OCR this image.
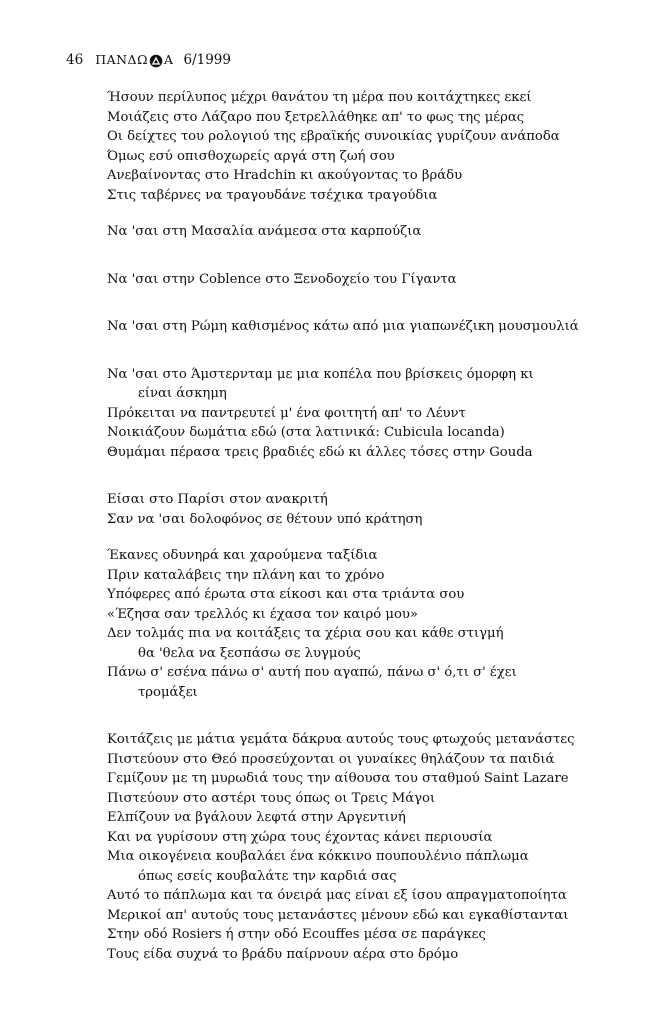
46 ΠΑΝΔΩ Α 6/1999
Ήσουν περίλυπος μέχρι θανάτου τη μέρα που κοιτάχτηκες εκεί
Μοιάζεις στο Λάζαρο που ξετρελλάθηκε απ' το φως της μέρας
Οι δείχτες του ρολογιού της εβραϊκής συνοικίας γυρίζουν ανάποδα
Όμως εσύ οπισθοχωρείς αργά στη ζωή σου
Ανεβαίνοντας στο Hradchin κι ακούγοντας το βράδυ
Στις ταβέρνες να τραγουδάνε τσέχικα τραγούδια
Να 'σαι στη Μασαλία ανάμεσα στα καρπούζια
Να 'σαι στην Coblence στο Ξενοδοχείο του Γίγαντα
Να 'σαι στη Ρώμη καθισμένος κάτω από μια γιαπωνέζικη μουσμουλιά
Να 'σαι στο Άμστερνταμ με μια κοπέλα που βρίσκεις όμορφη κι
είναι άσκημη
Πρόκειται να παντρευτεί μ' ένα φοιτητή απ' το Λέυντ
Νοικιάζουν δωμάτια εδώ (στα λατινικά: Cubicula locanda)
Θυμάμαι πέρασα τρεις βραδιές εδώ κι άλλες τόσες στην Gouda
Είσαι στο Παρίσι στον ανακριτή
Σαν να 'σαι δολοφόνος σε θέτουν υπό κράτηση
Έκανες οδυνηρά και χαρούμενα ταξίδια
Πριν καταλάβεις την πλάνη και το χρόνο
Υπόφερες από έρωτα στα είκοσι και στα τριάντα σου
«Έζησα σαν τρελλός κι έχασα τον καιρό μου»
Δεν τολμάς πια να κοιτάξεις τα χέρια σου και κάθε στιγμή
θα 'θελα να ξεσπάσω σε λυγμούς
Πάνω σ' εσένα πάνω σ' αυτή που αγαπώ, πάνω σ' ό,τι σ' έχει
τρομάξει
Κοιτάζεις με μάτια γεμάτα δάκρυα αυτούς τους φτωχούς μετανάστες
Πιστεύουν στο Θεό προσεύχονται οι γυναίκες θηλάζουν τα παιδιά
Γεμίζουν με τη μυρωδιά τους την αίθουσα του σταθμού Saint Lazare
Πιστεύουν στο αστέρι τους όπως οι Τρεις Μάγοι
Ελπίζουν να βγάλουν λεφτά στην Αργεντινή
Και να γυρίσουν στη χώρα τους έχοντας κάνει περιουσία
Μια οικογένεια κουβαλάει ένα κόκκινο πουπουλένιο πάπλωμα
όπως εσείς κουβαλάτε την καρδιά σας
Αυτό το πάπλωμα και τα όνειρά μας είναι εξ ίσου απραγματοποίητα
Μερικοί απ' αυτούς τους μετανάστες μένουν εδώ και εγκαθίστανται
Στην οδό Rosiers ή στην οδό Ecouffes μέσα σε παράγκες
Τους είδα συχνά το βράδυ παίρνουν αέρα στο δρόμο
